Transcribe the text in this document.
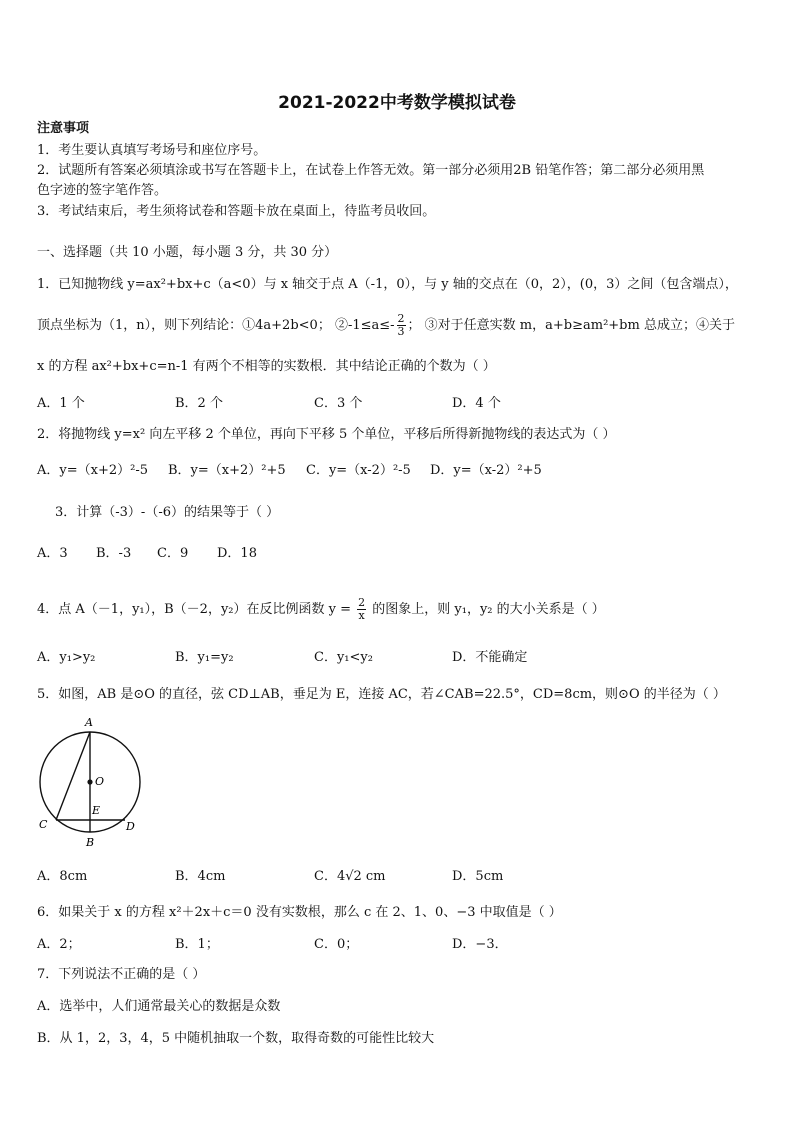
2021-2022中考数学模拟试卷
注意事项
1．考生要认真填写考场号和座位序号。
2．试题所有答案必须填涂或书写在答题卡上，在试卷上作答无效。第一部分必须用2B 铅笔作答；第二部分必须用黑
色字迹的签字笔作答。
3．考试结束后，考生须将试卷和答题卡放在桌面上，待监考员收回。
一、选择题（共 10 小题，每小题 3 分，共 30 分）
1．已知抛物线 y=ax²+bx+c（a<0）与 x 轴交于点 A（-1，0），与 y 轴的交点在（0，2），(0，3）之间（包含端点），
顶点坐标为（1，n），则下列结论：①4a+2b<0； ②-1≤a≤- $\frac{2}{3}$ ； ③对于任意实数 m，a+b≥am²+bm 总成立；④关于
x 的方程 ax²+bx+c=n-1 有两个不相等的实数根．其中结论正确的个数为（ ）
A．1 个	B．2 个	C．3 个	D．4 个
2．将抛物线 y=x² 向左平移 2 个单位，再向下平移 5 个单位，平移后所得新抛物线的表达式为（ ）
A．y=（x+2）²-5 B．y=（x+2）²+5 C．y=（x-2）²-5 D．y=（x-2）²+5
3．计算（-3）-（-6）的结果等于（ ）
A．3 B．-3 C．9 D．18
4．点 A（－1，y₁），B（－2，y₂）在反比例函数 $y = \frac{2}{x}$ 的图象上，则 y₁，y₂ 的大小关系是（ ）
A．y₁>y₂	B．y₁=y₂	C．y₁<y₂	D．不能确定
5．如图，AB 是⊙O 的直径，弦 CD⊥AB，垂足为 E，连接 AC，若∠CAB=22.5°，CD=8cm，则⊙O 的半径为（ ）
A
O
E
C	D
B
A．8cm	B．4cm	C．4√2 cm	D．5cm
6．如果关于 x 的方程 x²＋2x＋c＝0 没有实数根，那么 c 在 2、1、0、−3 中取值是（ ）
A．2；	B．1；	C．0；	D．−3．
7．下列说法不正确的是（ ）
A．选举中，人们通常最关心的数据是众数
B．从 1，2，3，4，5 中随机抽取一个数，取得奇数的可能性比较大
